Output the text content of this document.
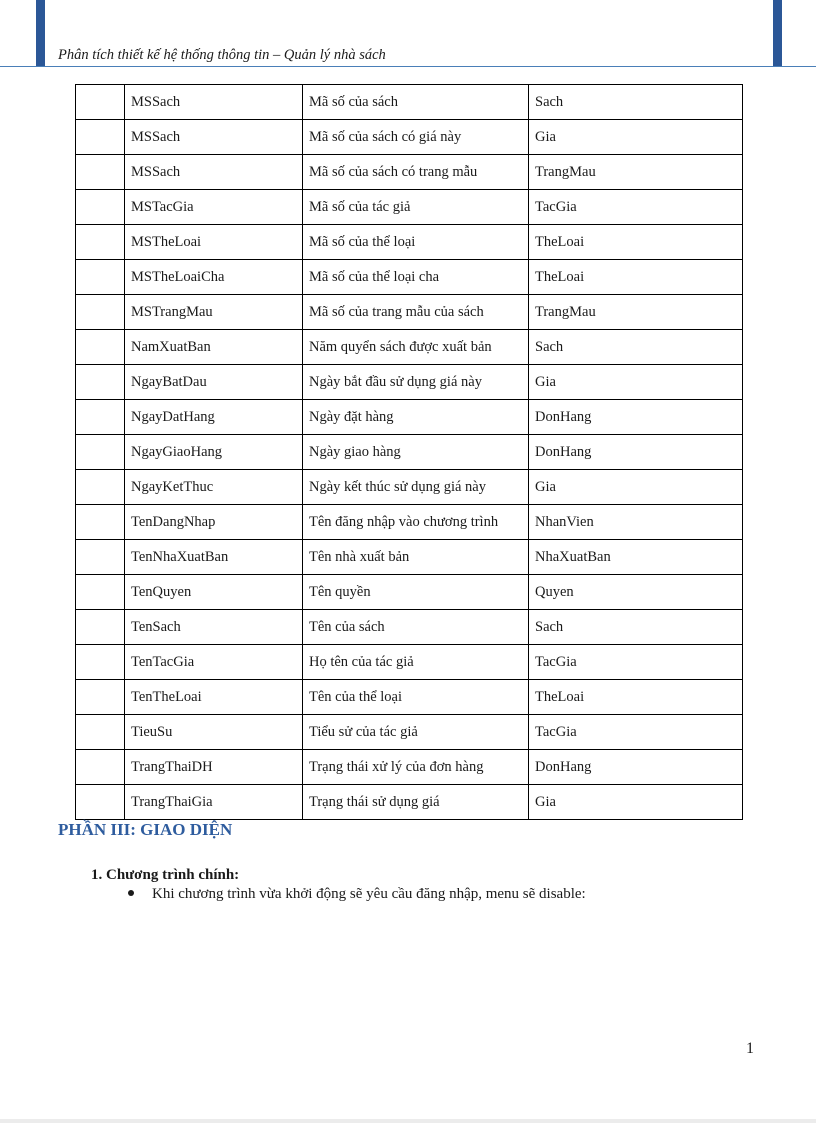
Phân tích thiết kế hệ thống thông tin – Quản lý nhà sách
	MSSach	Mã số của sách	Sach
	MSSach	Mã số của sách có giá này	Gia
	MSSach	Mã số của sách có trang mẫu	TrangMau
	MSTacGia	Mã số của tác giả	TacGia
	MSTheLoai	Mã số của thể loại	TheLoai
	MSTheLoaiCha	Mã số của thể loại cha	TheLoai
	MSTrangMau	Mã số của trang mẫu của sách	TrangMau
	NamXuatBan	Năm quyển sách được xuất bản	Sach
	NgayBatDau	Ngày bắt đầu sử dụng giá này	Gia
	NgayDatHang	Ngày đặt hàng	DonHang
	NgayGiaoHang	Ngày giao hàng	DonHang
	NgayKetThuc	Ngày kết thúc sử dụng giá này	Gia
	TenDangNhap	Tên đăng nhập vào chương trình	NhanVien
	TenNhaXuatBan	Tên nhà xuất bản	NhaXuatBan
	TenQuyen	Tên quyền	Quyen
	TenSach	Tên của sách	Sach
	TenTacGia	Họ tên của tác giả	TacGia
	TenTheLoai	Tên của thể loại	TheLoai
	TieuSu	Tiểu sử của tác giả	TacGia
	TrangThaiDH	Trạng thái xử lý của đơn hàng	DonHang
	TrangThaiGia	Trạng thái sử dụng giá	Gia
PHẦN III: GIAO DIỆN
1. Chương trình chính:
Khi chương trình vừa khởi động sẽ yêu cầu đăng nhập, menu sẽ disable:
1
